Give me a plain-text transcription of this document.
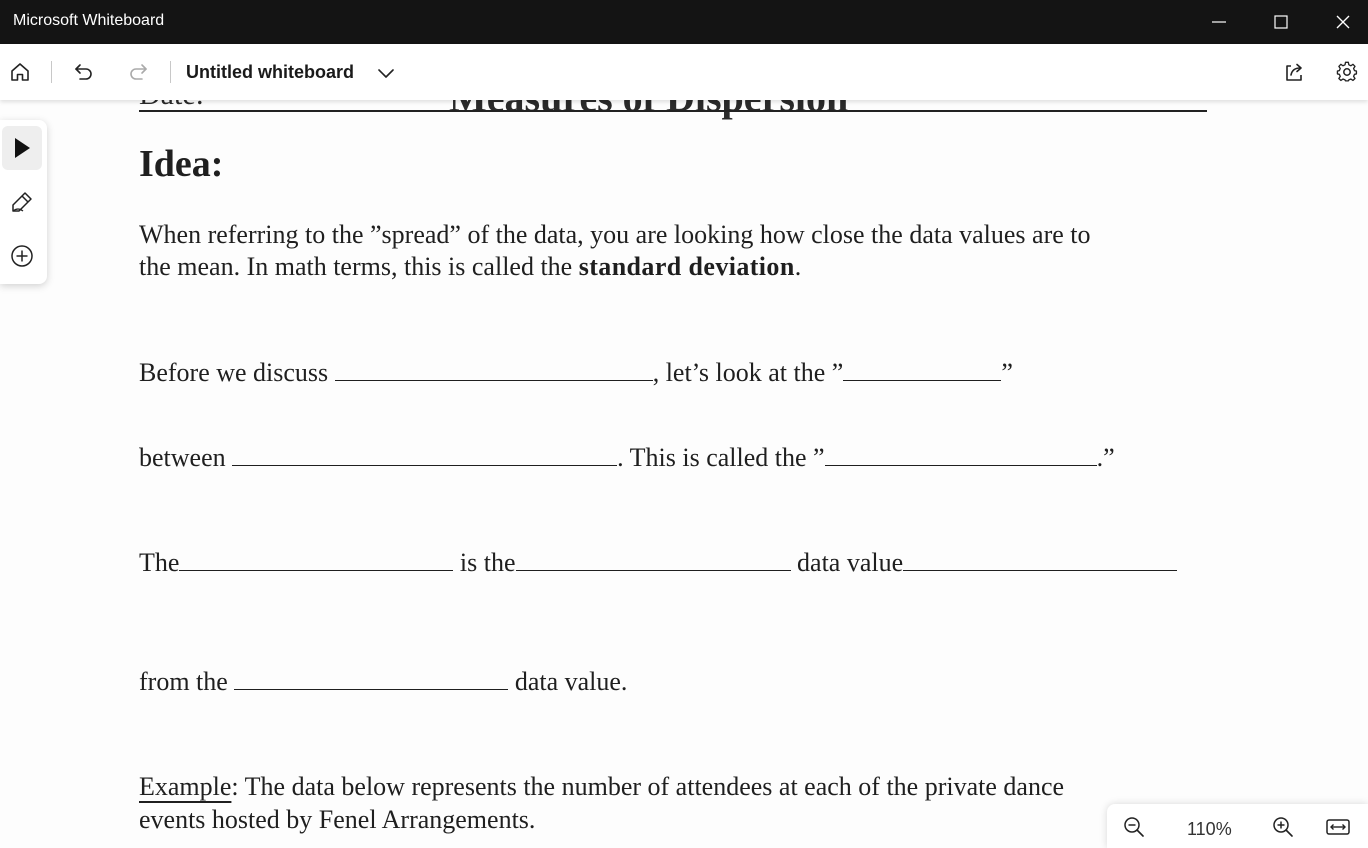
Microsoft Whiteboard
Untitled whiteboard
Idea:
When referring to the ”spread” of the data, you are looking how close the data values are to
the mean. In math terms, this is called the standard deviation.
Before we discuss	, let’s look at the ”	”
between	. This is called the ”	.”
The	is the	data value
from the	data value.
Example: The data below represents the number of attendees at each of the private dance
events hosted by Fenel Arrangements.	110%
